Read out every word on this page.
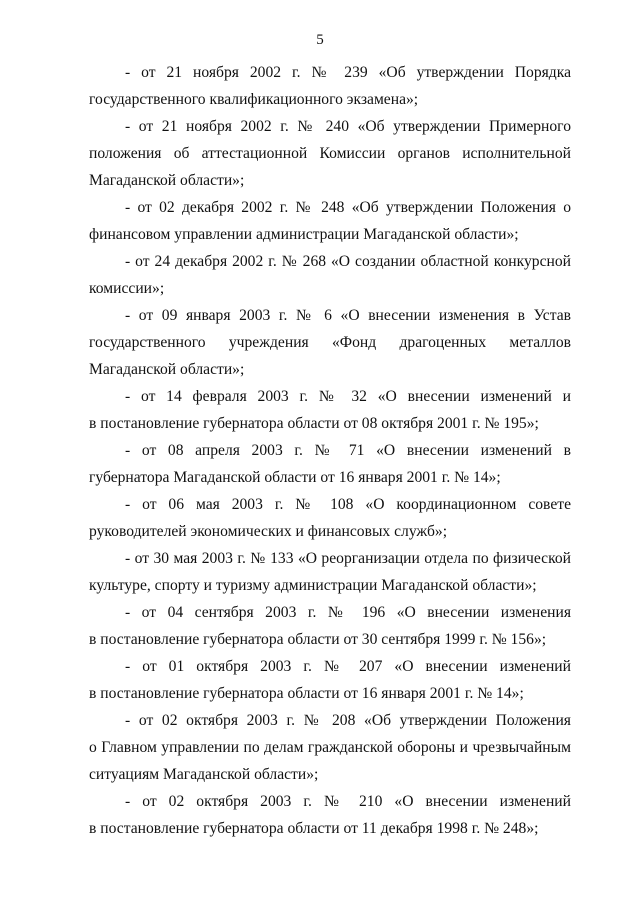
5
- от 21 ноября 2002 г. № 239 «Об утверждении Порядка
государственного квалификационного экзамена»;
- от 21 ноября 2002 г. № 240 «Об утверждении Примерного
положения об аттестационной Комиссии органов исполнительной
Магаданской области»;
- от 02 декабря 2002 г. № 248 «Об утверждении Положения о
финансовом управлении администрации Магаданской области»;
- от 24 декабря 2002 г. № 268 «О создании областной конкурсной
комиссии»;
- от 09 января 2003 г. № 6 «О внесении изменения в Устав
государственного учреждения «Фонд драгоценных металлов
Магаданской области»;
- от 14 февраля 2003 г. № 32 «О внесении изменений и
в постановление губернатора области от 08 октября 2001 г. № 195»;
- от 08 апреля 2003 г. № 71 «О внесении изменений в
губернатора Магаданской области от 16 января 2001 г. № 14»;
- от 06 мая 2003 г. № 108 «О координационном совете
руководителей экономических и финансовых служб»;
- от 30 мая 2003 г. № 133 «О реорганизации отдела по физической
культуре, спорту и туризму администрации Магаданской области»;
- от 04 сентября 2003 г. № 196 «О внесении изменения
в постановление губернатора области от 30 сентября 1999 г. № 156»;
- от 01 октября 2003 г. № 207 «О внесении изменений
в постановление губернатора области от 16 января 2001 г. № 14»;
- от 02 октября 2003 г. № 208 «Об утверждении Положения
о Главном управлении по делам гражданской обороны и чрезвычайным
ситуациям Магаданской области»;
- от 02 октября 2003 г. № 210 «О внесении изменений
в постановление губернатора области от 11 декабря 1998 г. № 248»;
